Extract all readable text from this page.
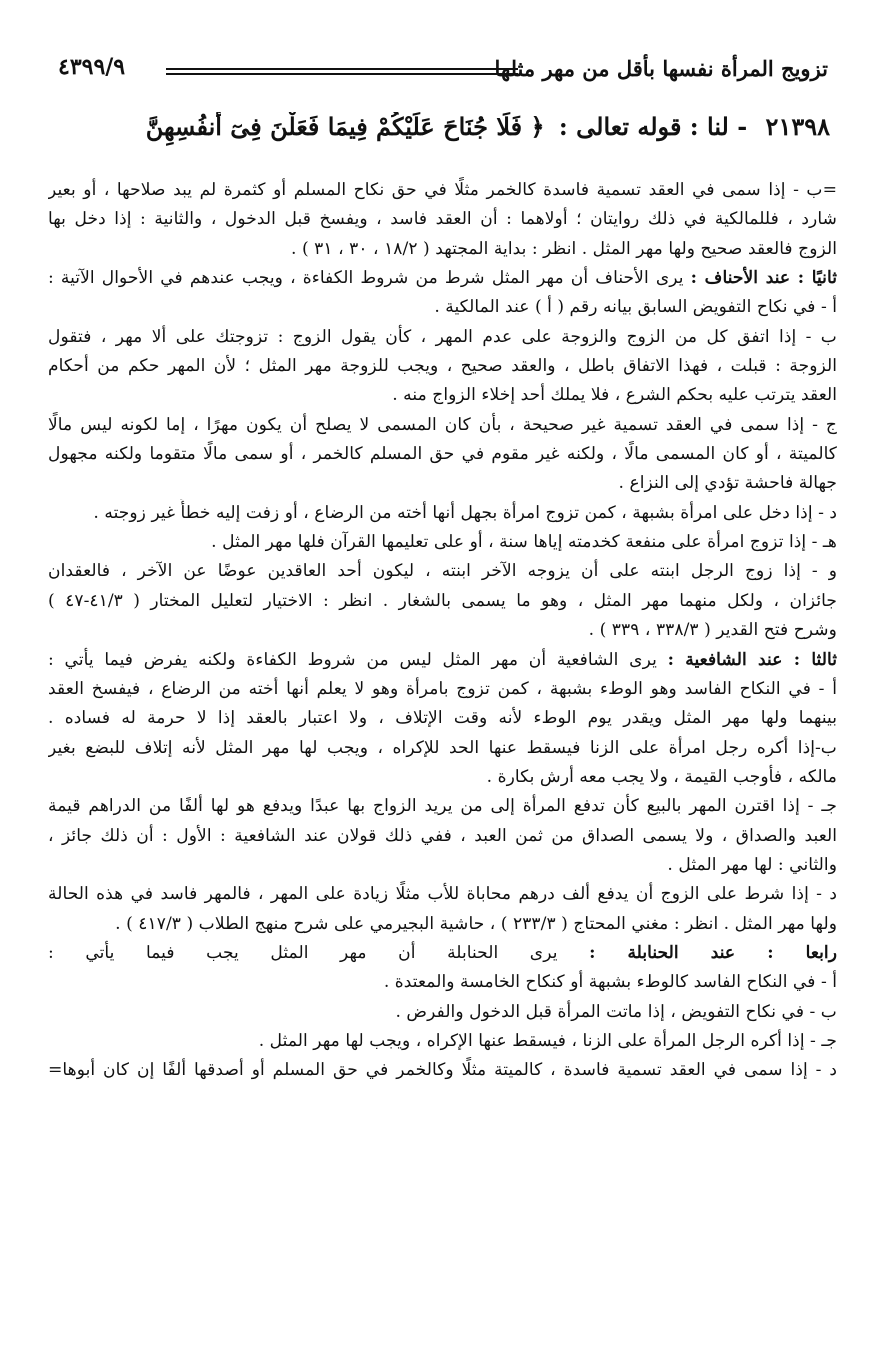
تزويج المرأة نفسها بأقل من مهر مثلها
٤٣٩٩/٩
٢١٣٩٨ - لنا : قوله تعالى : ﴿ فَلَا جُنَاحَ عَلَيْكُمْ فِيمَا فَعَلْنَ فِىٓ أَنفُسِهِنَّ
=ب - إذا سمى في العقد تسمية فاسدة كالخمر مثلًا في حق نكاح المسلم أو كثمرة لم يبد صلاحها ، أو بعير
شارد ، فللمالكية في ذلك روايتان ؛ أولاهما : أن العقد فاسد ، ويفسخ قبل الدخول ، والثانية : إذا دخل بها
الزوج فالعقد صحيح ولها مهر المثل . انظر : بداية المجتهد ( ١٨/٢ ، ٣٠ ، ٣١ ) .
ثانيًا : عند الأحناف : يرى الأحناف أن مهر المثل شرط من شروط الكفاءة ، ويجب عندهم في الأحوال الآتية :
أ - في نكاح التفويض السابق بيانه رقم ( أ ) عند المالكية .
ب - إذا اتفق كل من الزوج والزوجة على عدم المهر ، كأن يقول الزوج : تزوجتك على ألا مهر ، فتقول
الزوجة : قبلت ، فهذا الاتفاق باطل ، والعقد صحيح ، ويجب للزوجة مهر المثل ؛ لأن المهر حكم من أحكام
العقد يترتب عليه بحكم الشرع ، فلا يملك أحد إخلاء الزواج منه .
ج - إذا سمى في العقد تسمية غير صحيحة ، بأن كان المسمى لا يصلح أن يكون مهرًا ، إما لكونه ليس مالًا
كالميتة ، أو كان المسمى مالًا ، ولكنه غير مقوم في حق المسلم كالخمر ، أو سمى مالًا متقوما ولكنه مجهول
جهالة فاحشة تؤدي إلى النزاع .
د - إذا دخل على امرأة بشبهة ، كمن تزوج امرأة بجهل أنها أخته من الرضاع ، أو زفت إليه خطأً غير زوجته .
هـ - إذا تزوج امرأة على منفعة كخدمته إياها سنة ، أو على تعليمها القرآن فلها مهر المثل .
و - إذا زوج الرجل ابنته على أن يزوجه الآخر ابنته ، ليكون أحد العاقدين عوضًا عن الآخر ، فالعقدان
جائزان ، ولكل منهما مهر المثل ، وهو ما يسمى بالشغار . انظر : الاختيار لتعليل المختار ( ٤١/٣-٤٧ )
وشرح فتح القدير ( ٣٣٨/٣ ، ٣٣٩ ) .
ثالثا : عند الشافعية : يرى الشافعية أن مهر المثل ليس من شروط الكفاءة ولكنه يفرض فيما يأتي :
أ - في النكاح الفاسد وهو الوطء بشبهة ، كمن تزوج بامرأة وهو لا يعلم أنها أخته من الرضاع ، فيفسخ العقد
بينهما ولها مهر المثل ويقدر يوم الوطء لأنه وقت الإتلاف ، ولا اعتبار بالعقد إذا لا حرمة له فساده .
ب-إذا أكره رجل امرأة على الزنا فيسقط عنها الحد للإكراه ، ويجب لها مهر المثل لأنه إتلاف للبضع بغير
مالكه ، فأوجب القيمة ، ولا يجب معه أرش بكارة .
جـ - إذا اقترن المهر بالبيع كأن تدفع المرأة إلى من يريد الزواج بها عبدًا ويدفع هو لها ألفًا من الدراهم قيمة
العبد والصداق ، ولا يسمى الصداق من ثمن العبد ، ففي ذلك قولان عند الشافعية : الأول : أن ذلك جائز ،
والثاني : لها مهر المثل .
د - إذا شرط على الزوج أن يدفع ألف درهم محاباة للأب مثلًا زيادة على المهر ، فالمهر فاسد في هذه الحالة
ولها مهر المثل . انظر : مغني المحتاج ( ٢٣٣/٣ ) ، حاشية البجيرمي على شرح منهج الطلاب ( ٤١٧/٣ ) .
رابعا : عند الحنابلة : يرى الحنابلة أن مهر المثل يجب فيما يأتي :
أ - في النكاح الفاسد كالوطء بشبهة أو كنكاح الخامسة والمعتدة .
ب - في نكاح التفويض ، إذا ماتت المرأة قبل الدخول والفرض .
جـ - إذا أكره الرجل المرأة على الزنا ، فيسقط عنها الإكراه ، ويجب لها مهر المثل .
د - إذا سمى في العقد تسمية فاسدة ، كالميتة مثلًا وكالخمر في حق المسلم أو أصدقها ألفًا إن كان أبوها=
